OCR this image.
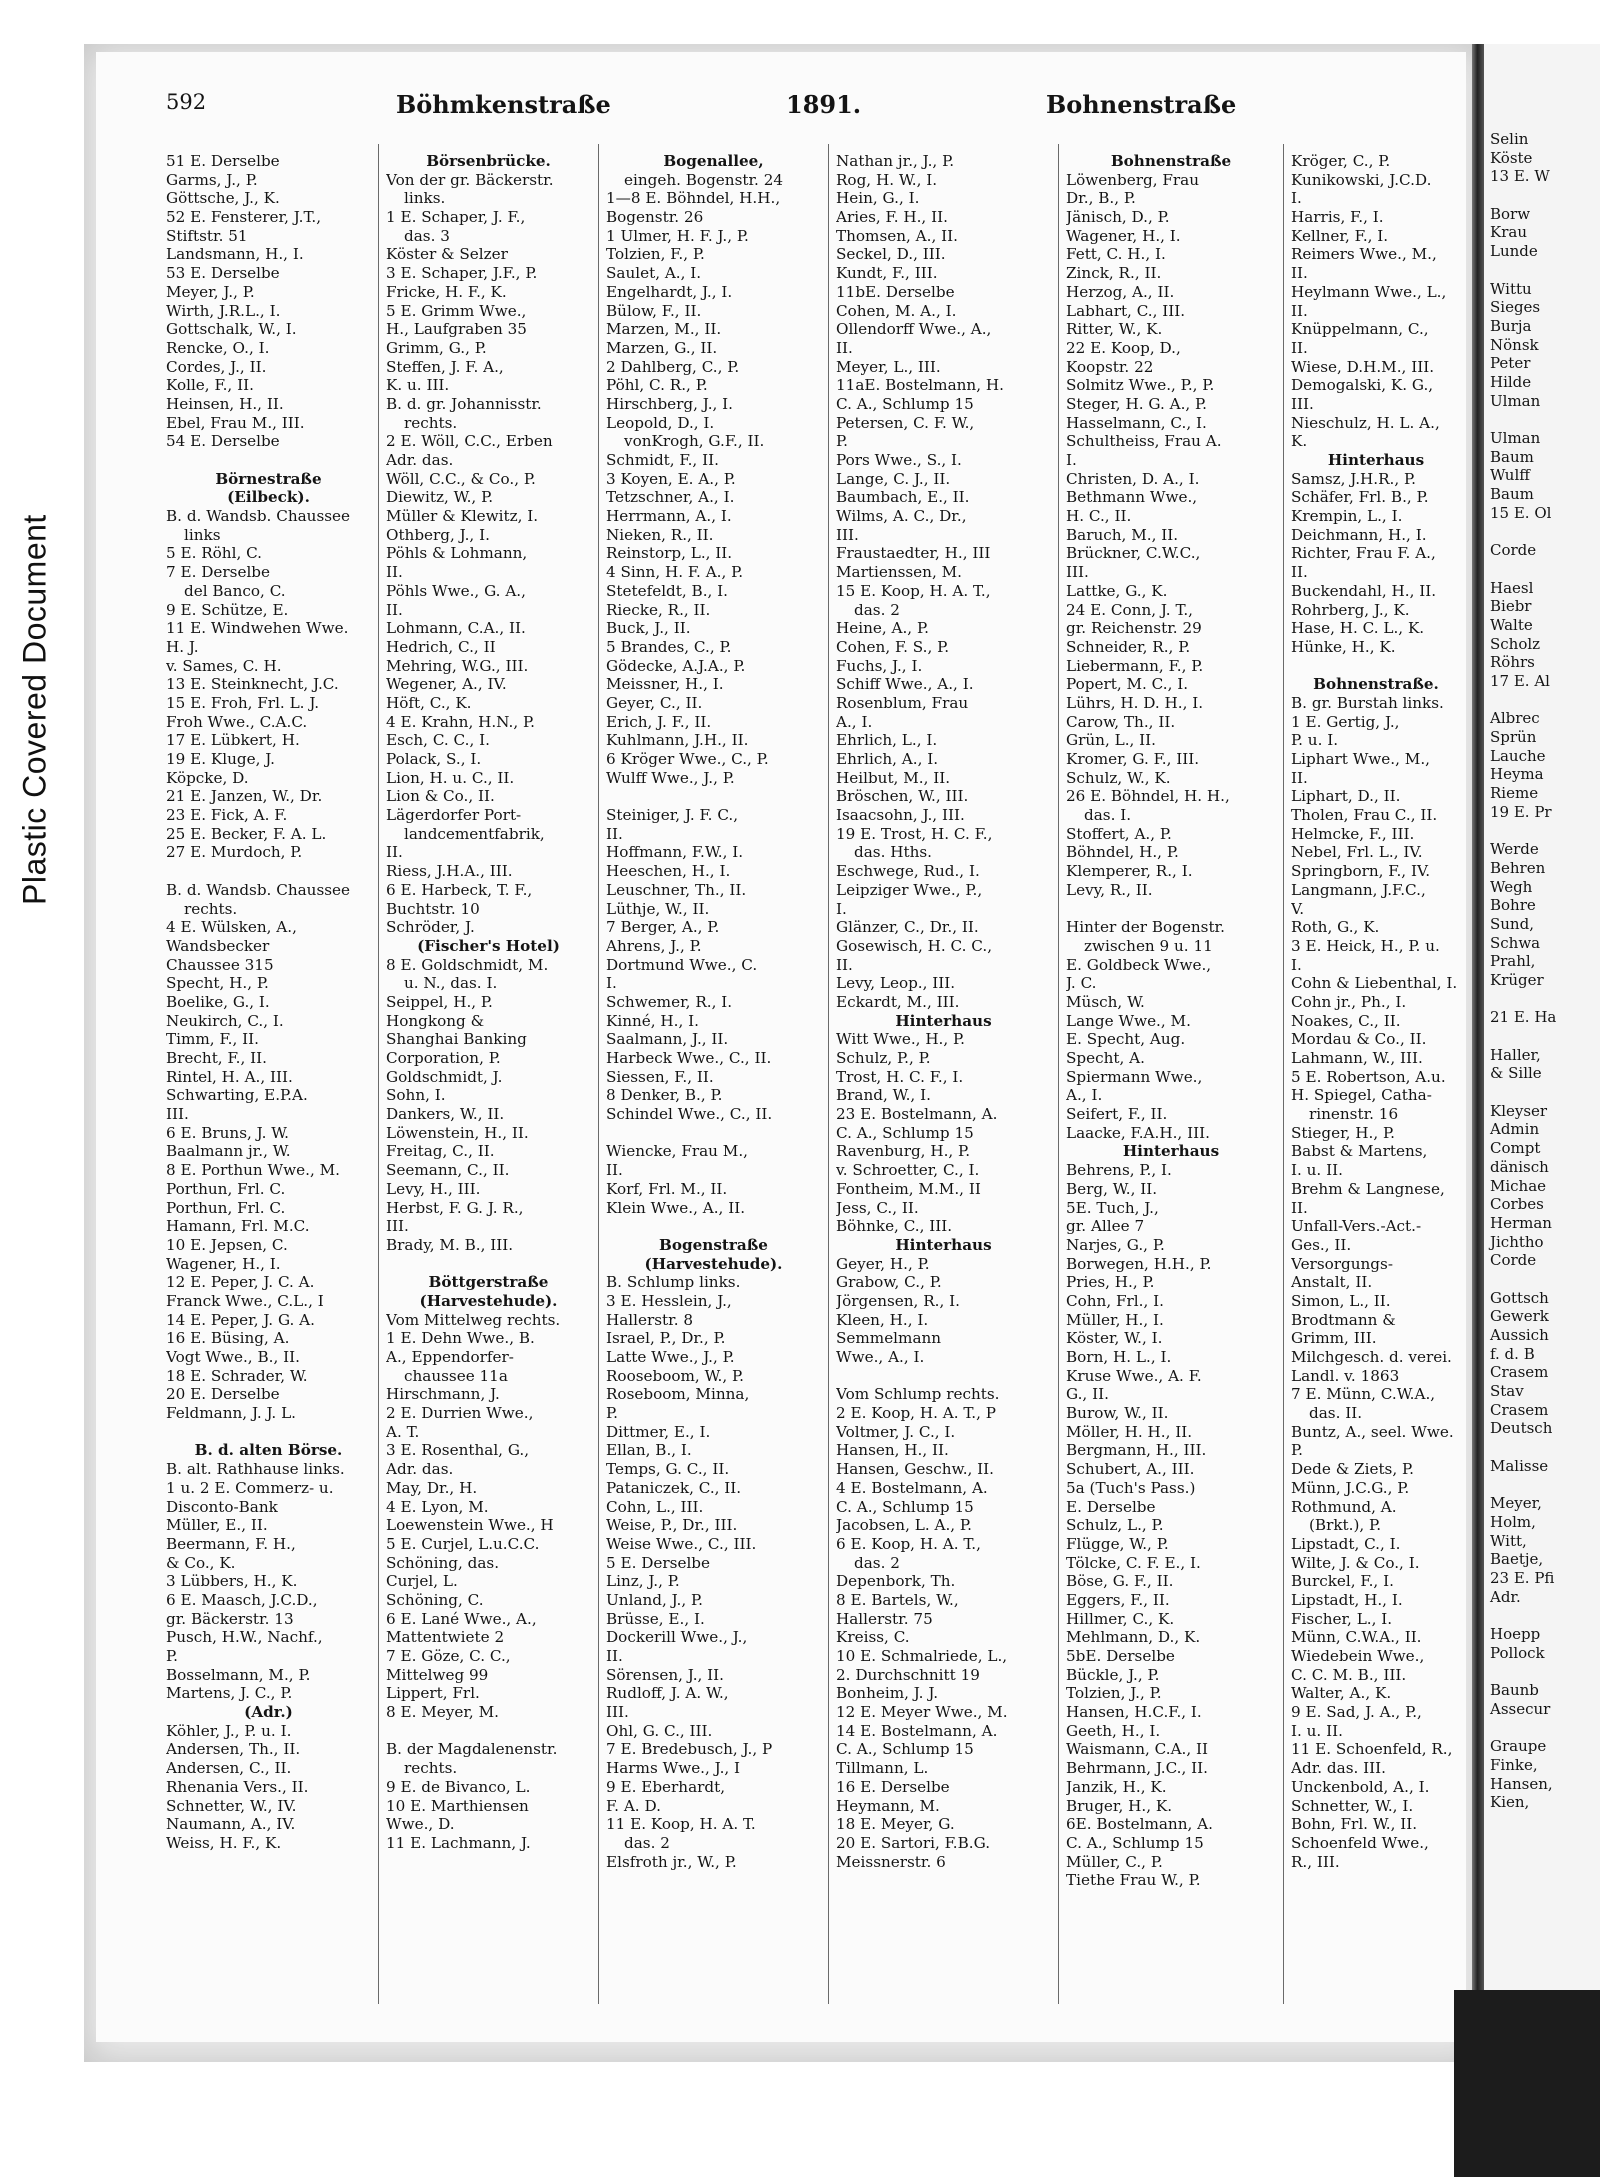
Plastic Covered Document
592	Böhmkenstraße	1891.	Bohnenstraße
51 E. Derselbe
Garms, J., P.
Göttsche, J., K.
52 E. Fensterer, J.T.,
Stiftstr. 51
Landsmann, H., I.
53 E. Derselbe
Meyer, J., P.
Wirth, J.R.L., I.
Gottschalk, W., I.
Rencke, O., I.
Cordes, J., II.
Kolle, F., II.
Heinsen, H., II.
Ebel, Frau M., III.
54 E. Derselbe
Börnestraße
(Eilbeck).
B. d. Wandsb. Chaussee
links
5 E. Röhl, C.
7 E. Derselbe
del Banco, C.
9 E. Schütze, E.
11 E. Windwehen Wwe.
H. J.
v. Sames, C. H.
13 E. Steinknecht, J.C.
15 E. Froh, Frl. L. J.
Froh Wwe., C.A.C.
17 E. Lübkert, H.
19 E. Kluge, J.
Köpcke, D.
21 E. Janzen, W., Dr.
23 E. Fick, A. F.
25 E. Becker, F. A. L.
27 E. Murdoch, P.
B. d. Wandsb. Chaussee
rechts.
4 E. Wülsken, A.,
Wandsbecker
Chaussee 315
Specht, H., P.
Boelike, G., I.
Neukirch, C., I.
Timm, F., II.
Brecht, F., II.
Rintel, H. A., III.
Schwarting, E.P.A.
III.
6 E. Bruns, J. W.
Baalmann jr., W.
8 E. Porthun Wwe., M.
Porthun, Frl. C.
Porthun, Frl. C.
Hamann, Frl. M.C.
10 E. Jepsen, C.
Wagener, H., I.
12 E. Peper, J. C. A.
Franck Wwe., C.L., I
14 E. Peper, J. G. A.
16 E. Büsing, A.
Vogt Wwe., B., II.
18 E. Schrader, W.
20 E. Derselbe
Feldmann, J. J. L.
B. d. alten Börse.
B. alt. Rathhause links.
1 u. 2 E. Commerz- u.
Disconto-Bank
Müller, E., II.
Beermann, F. H.,
& Co., K.
3 Lübbers, H., K.
6 E. Maasch, J.C.D.,
gr. Bäckerstr. 13
Pusch, H.W., Nachf.,
P.
Bosselmann, M., P.
Martens, J. C., P.
(Adr.)
Köhler, J., P. u. I.
Andersen, Th., II.
Andersen, C., II.
Rhenania Vers., II.
Schnetter, W., IV.
Naumann, A., IV.
Weiss, H. F., K.
Börsenbrücke.
Von der gr. Bäckerstr.
links.
1 E. Schaper, J. F.,
das. 3
Köster & Selzer
3 E. Schaper, J.F., P.
Fricke, H. F., K.
5 E. Grimm Wwe.,
H., Laufgraben 35
Grimm, G., P.
Steffen, J. F. A.,
K. u. III.
B. d. gr. Johannisstr.
rechts.
2 E. Wöll, C.C., Erben
Adr. das.
Wöll, C.C., & Co., P.
Diewitz, W., P.
Müller & Klewitz, I.
Othberg, J., I.
Pöhls & Lohmann,
II.
Pöhls Wwe., G. A.,
II.
Lohmann, C.A., II.
Hedrich, C., II
Mehring, W.G., III.
Wegener, A., IV.
Höft, C., K.
4 E. Krahn, H.N., P.
Esch, C. C., I.
Polack, S., I.
Lion, H. u. C., II.
Lion & Co., II.
Lägerdorfer Port-
landcementfabrik,
II.
Riess, J.H.A., III.
6 E. Harbeck, T. F.,
Buchtstr. 10
Schröder, J.
(Fischer's Hotel)
8 E. Goldschmidt, M.
u. N., das. I.
Seippel, H., P.
Hongkong &
Shanghai Banking
Corporation, P.
Goldschmidt, J.
Sohn, I.
Dankers, W., II.
Löwenstein, H., II.
Freitag, C., II.
Seemann, C., II.
Levy, H., III.
Herbst, F. G. J. R.,
III.
Brady, M. B., III.
Böttgerstraße
(Harvestehude).
Vom Mittelweg rechts.
1 E. Dehn Wwe., B.
A., Eppendorfer-
chaussee 11a
Hirschmann, J.
2 E. Durrien Wwe.,
A. T.
3 E. Rosenthal, G.,
Adr. das.
May, Dr., H.
4 E. Lyon, M.
Loewenstein Wwe., H
5 E. Curjel, L.u.C.C.
Schöning, das.
Curjel, L.
Schöning, C.
6 E. Lané Wwe., A.,
Mattentwiete 2
7 E. Göze, C. C.,
Mittelweg 99
Lippert, Frl.
8 E. Meyer, M.
B. der Magdalenenstr.
rechts.
9 E. de Bivanco, L.
10 E. Marthiensen
Wwe., D.
11 E. Lachmann, J.
Bogenallee,
eingeh. Bogenstr. 24
1—8 E. Böhndel, H.H.,
Bogenstr. 26
1 Ulmer, H. F. J., P.
Tolzien, F., P.
Saulet, A., I.
Engelhardt, J., I.
Bülow, F., II.
Marzen, M., II.
Marzen, G., II.
2 Dahlberg, C., P.
Pöhl, C. R., P.
Hirschberg, J., I.
Leopold, D., I.
vonKrogh, G.F., II.
Schmidt, F., II.
3 Koyen, E. A., P.
Tetzschner, A., I.
Herrmann, A., I.
Nieken, R., II.
Reinstorp, L., II.
4 Sinn, H. F. A., P.
Stetefeldt, B., I.
Riecke, R., II.
Buck, J., II.
5 Brandes, C., P.
Gödecke, A.J.A., P.
Meissner, H., I.
Geyer, C., II.
Erich, J. F., II.
Kuhlmann, J.H., II.
6 Kröger Wwe., C., P.
Wulff Wwe., J., P.
Steiniger, J. F. C.,
II.
Hoffmann, F.W., I.
Heeschen, H., I.
Leuschner, Th., II.
Lüthje, W., II.
7 Berger, A., P.
Ahrens, J., P.
Dortmund Wwe., C.
I.
Schwemer, R., I.
Kinné, H., I.
Saalmann, J., II.
Harbeck Wwe., C., II.
Siessen, F., II.
8 Denker, B., P.
Schindel Wwe., C., II.
Wiencke, Frau M.,
II.
Korf, Frl. M., II.
Klein Wwe., A., II.
Bogenstraße
(Harvestehude).
B. Schlump links.
3 E. Hesslein, J.,
Hallerstr. 8
Israel, P., Dr., P.
Latte Wwe., J., P.
Rooseboom, W., P.
Roseboom, Minna,
P.
Dittmer, E., I.
Ellan, B., I.
Temps, G. C., II.
Pataniczek, C., II.
Cohn, L., III.
Weise, P., Dr., III.
Weise Wwe., C., III.
5 E. Derselbe
Linz, J., P.
Unland, J., P.
Brüsse, E., I.
Dockerill Wwe., J.,
II.
Sörensen, J., II.
Rudloff, J. A. W.,
III.
Ohl, G. C., III.
7 E. Bredebusch, J., P
Harms Wwe., J., I
9 E. Eberhardt,
F. A. D.
11 E. Koop, H. A. T.
das. 2
Elsfroth jr., W., P.
Nathan jr., J., P.
Rog, H. W., I.
Hein, G., I.
Aries, F. H., II.
Thomsen, A., II.
Seckel, D., III.
Kundt, F., III.
11bE. Derselbe
Cohen, M. A., I.
Ollendorff Wwe., A.,
II.
Meyer, L., III.
11aE. Bostelmann, H.
C. A., Schlump 15
Petersen, C. F. W.,
P.
Pors Wwe., S., I.
Lange, C. J., II.
Baumbach, E., II.
Wilms, A. C., Dr.,
III.
Fraustaedter, H., III
Martienssen, M.
15 E. Koop, H. A. T.,
das. 2
Heine, A., P.
Cohen, F. S., P.
Fuchs, J., I.
Schiff Wwe., A., I.
Rosenblum, Frau
A., I.
Ehrlich, L., I.
Ehrlich, A., I.
Heilbut, M., II.
Bröschen, W., III.
Isaacsohn, J., III.
19 E. Trost, H. C. F.,
das. Hths.
Eschwege, Rud., I.
Leipziger Wwe., P.,
I.
Glänzer, C., Dr., II.
Gosewisch, H. C. C.,
II.
Levy, Leop., III.
Eckardt, M., III.
Hinterhaus
Witt Wwe., H., P.
Schulz, P., P.
Trost, H. C. F., I.
Brand, W., I.
23 E. Bostelmann, A.
C. A., Schlump 15
Ravenburg, H., P.
v. Schroetter, C., I.
Fontheim, M.M., II
Jess, C., II.
Böhnke, C., III.
Hinterhaus
Geyer, H., P.
Grabow, C., P.
Jörgensen, R., I.
Kleen, H., I.
Semmelmann
Wwe., A., I.
Vom Schlump rechts.
2 E. Koop, H. A. T., P
Voltmer, J. C., I.
Hansen, H., II.
Hansen, Geschw., II.
4 E. Bostelmann, A.
C. A., Schlump 15
Jacobsen, L. A., P.
6 E. Koop, H. A. T.,
das. 2
Depenbork, Th.
8 E. Bartels, W.,
Hallerstr. 75
Kreiss, C.
10 E. Schmalriede, L.,
2. Durchschnitt 19
Bonheim, J. J.
12 E. Meyer Wwe., M.
14 E. Bostelmann, A.
C. A., Schlump 15
Tillmann, L.
16 E. Derselbe
Heymann, M.
18 E. Meyer, G.
20 E. Sartori, F.B.G.
Meissnerstr. 6
Bohnenstraße
Löwenberg, Frau
Dr., B., P.
Jänisch, D., P.
Wagener, H., I.
Fett, C. H., I.
Zinck, R., II.
Herzog, A., II.
Labhart, C., III.
Ritter, W., K.
22 E. Koop, D.,
Koopstr. 22
Solmitz Wwe., P., P.
Steger, H. G. A., P.
Hasselmann, C., I.
Schultheiss, Frau A.
I.
Christen, D. A., I.
Bethmann Wwe.,
H. C., II.
Baruch, M., II.
Brückner, C.W.C.,
III.
Lattke, G., K.
24 E. Conn, J. T.,
gr. Reichenstr. 29
Schneider, R., P.
Liebermann, F., P.
Popert, M. C., I.
Lührs, H. D. H., I.
Carow, Th., II.
Grün, L., II.
Kromer, G. F., III.
Schulz, W., K.
26 E. Böhndel, H. H.,
das. I.
Stoffert, A., P.
Böhndel, H., P.
Klemperer, R., I.
Levy, R., II.
Hinter der Bogenstr.
zwischen 9 u. 11
E. Goldbeck Wwe.,
J. C.
Müsch, W.
Lange Wwe., M.
E. Specht, Aug.
Specht, A.
Spiermann Wwe.,
A., I.
Seifert, F., II.
Laacke, F.A.H., III.
Hinterhaus
Behrens, P., I.
Berg, W., II.
5E. Tuch, J.,
gr. Allee 7
Narjes, G., P.
Borwegen, H.H., P.
Pries, H., P.
Cohn, Frl., I.
Müller, H., I.
Köster, W., I.
Born, H. L., I.
Kruse Wwe., A. F.
G., II.
Burow, W., II.
Möller, H. H., II.
Bergmann, H., III.
Schubert, A., III.
5a (Tuch's Pass.)
E. Derselbe
Schulz, L., P.
Flügge, W., P.
Tölcke, C. F. E., I.
Böse, G. F., II.
Eggers, F., II.
Hillmer, C., K.
Mehlmann, D., K.
5bE. Derselbe
Bückle, J., P.
Tolzien, J., P.
Hansen, H.C.F., I.
Geeth, H., I.
Waismann, C.A., II
Behrmann, J.C., II.
Janzik, H., K.
Bruger, H., K.
6E. Bostelmann, A.
C. A., Schlump 15
Müller, C., P.
Tiethe Frau W., P.
Kröger, C., P.
Kunikowski, J.C.D.
I.
Harris, F., I.
Kellner, F., I.
Reimers Wwe., M.,
II.
Heylmann Wwe., L.,
II.
Knüppelmann, C.,
II.
Wiese, D.H.M., III.
Demogalski, K. G.,
III.
Nieschulz, H. L. A.,
K.
Hinterhaus
Samsz, J.H.R., P.
Schäfer, Frl. B., P.
Krempin, L., I.
Deichmann, H., I.
Richter, Frau F. A.,
II.
Buckendahl, H., II.
Rohrberg, J., K.
Hase, H. C. L., K.
Hünke, H., K.
Bohnenstraße.
B. gr. Burstah links.
1 E. Gertig, J.,
P. u. I.
Liphart Wwe., M.,
II.
Liphart, D., II.
Tholen, Frau C., II.
Helmcke, F., III.
Nebel, Frl. L., IV.
Springborn, F., IV.
Langmann, J.F.C.,
V.
Roth, G., K.
3 E. Heick, H., P. u.
I.
Cohn & Liebenthal, I.
Cohn jr., Ph., I.
Noakes, C., II.
Mordau & Co., II.
Lahmann, W., III.
5 E. Robertson, A.u.
H. Spiegel, Catha-
rinenstr. 16
Stieger, H., P.
Babst & Martens,
I. u. II.
Brehm & Langnese,
II.
Unfall-Vers.-Act.-
Ges., II.
Versorgungs-
Anstalt, II.
Simon, L., II.
Brodtmann &
Grimm, III.
Milchgesch. d. verei.
Landl. v. 1863
7 E. Münn, C.W.A.,
das. II.
Buntz, A., seel. Wwe.
P.
Dede & Ziets, P.
Münn, J.C.G., P.
Rothmund, A.
(Brkt.), P.
Lipstadt, C., I.
Wilte, J. & Co., I.
Burckel, F., I.
Lipstadt, H., I.
Fischer, L., I.
Münn, C.W.A., II.
Wiedebein Wwe.,
C. C. M. B., III.
Walter, A., K.
9 E. Sad, J. A., P.,
I. u. II.
11 E. Schoenfeld, R.,
Adr. das. III.
Unckenbold, A., I.
Schnetter, W., I.
Bohn, Frl. W., II.
Schoenfeld Wwe.,
R., III.
Selin
Köste
13 E. W
Borw
Krau
Lunde
Wittu
Sieges
Burja
Nönsk
Peter
Hilde
Ulman
Ulman
Baum
Wulff
Baum
15 E. Ol
Corde
Haesl
Biebr
Walte
Scholz
Röhrs
17 E. Al
Albrec
Sprün
Lauche
Heyma
Rieme
19 E. Pr
Werde
Behren
Wegh
Bohre
Sund,
Schwa
Prahl,
Krüger
21 E. Ha
Haller,
& Sille
Kleyser
Admin
Compt
dänisch
Michae
Corbes
Herman
Jichtho
Corde
Gottsch
Gewerk
Aussich
f. d. B
Crasem
Stav
Crasem
Deutsch
Malisse
Meyer,
Holm,
Witt,
Baetje,
23 E. Pfi
Adr.
Hoepp
Pollock
Baunb
Assecur
Graupe
Finke,
Hansen,
Kien,
